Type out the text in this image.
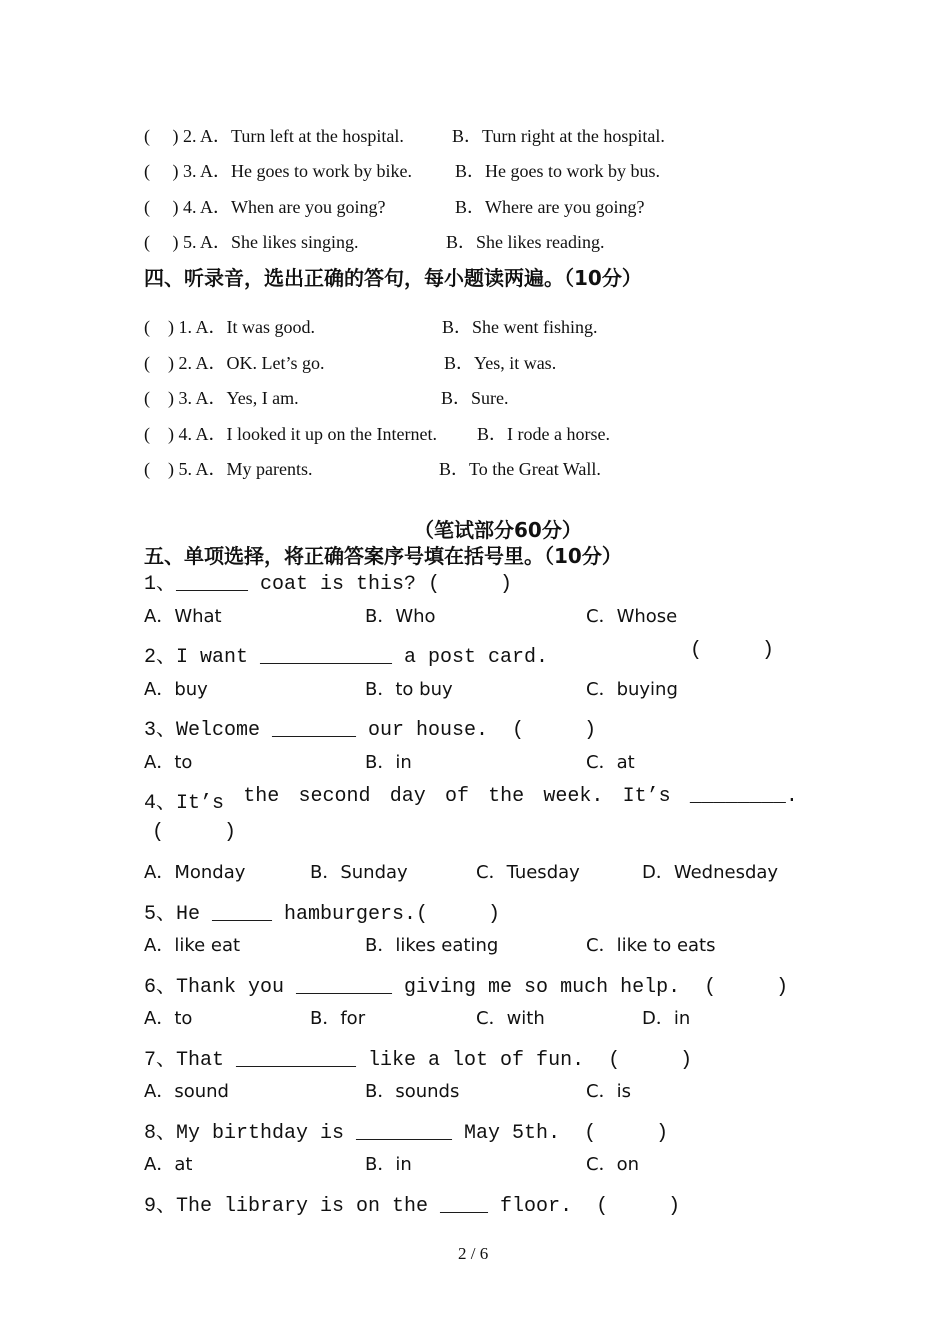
(     ) 2. A．Turn left at the hospital.	B．Turn right at the hospital.
(     ) 3. A．He goes to work by bike. B．He goes to work by bus.
(     ) 4. A．When are you going?	B．Where are you going?
(     ) 5. A．She likes singing.	B．She likes reading.
四、听录音，选出正确的答句，每小题读两遍。（10分）
(    ) 1. A．It was good.	B．She went fishing.
(    ) 2. A．OK. Let’s go.	B．Yes, it was.
(    ) 3. A．Yes, I am.	B．Sure.
(    ) 4. A．I looked it up on the Internet. B．I rode a horse.
(    ) 5. A．My parents.	B．To the Great Wall.
（笔试部分60分）
五、单项选择，将正确答案序号填在括号里。（10分）
1、______ coat is this? (     )
A．What	B．Who	C．Whose
2、I want ___________ a post card.	(     )
A．buy	B．to buy	C．buying
3、Welcome _______ our house.  (     )
A．to	B．in	C．at
4、It’s the second day of the week. It’s ________.
(     )
A．Monday	B．Sunday	C．Tuesday	D．Wednesday
5、He _____ hamburgers.(     )
A．like eat	B．likes eating	C．like to eats
6、Thank you ________ giving me so much help.  (     )
A．to	B．for	C．with	D．in
7、That __________ like a lot of fun.  (     )
A．sound	B．sounds	C．is
8、My birthday is ________ May 5th.  (     )
A．at	B．in	C．on
9、The library is on the ____ floor.  (     )
2 / 6
